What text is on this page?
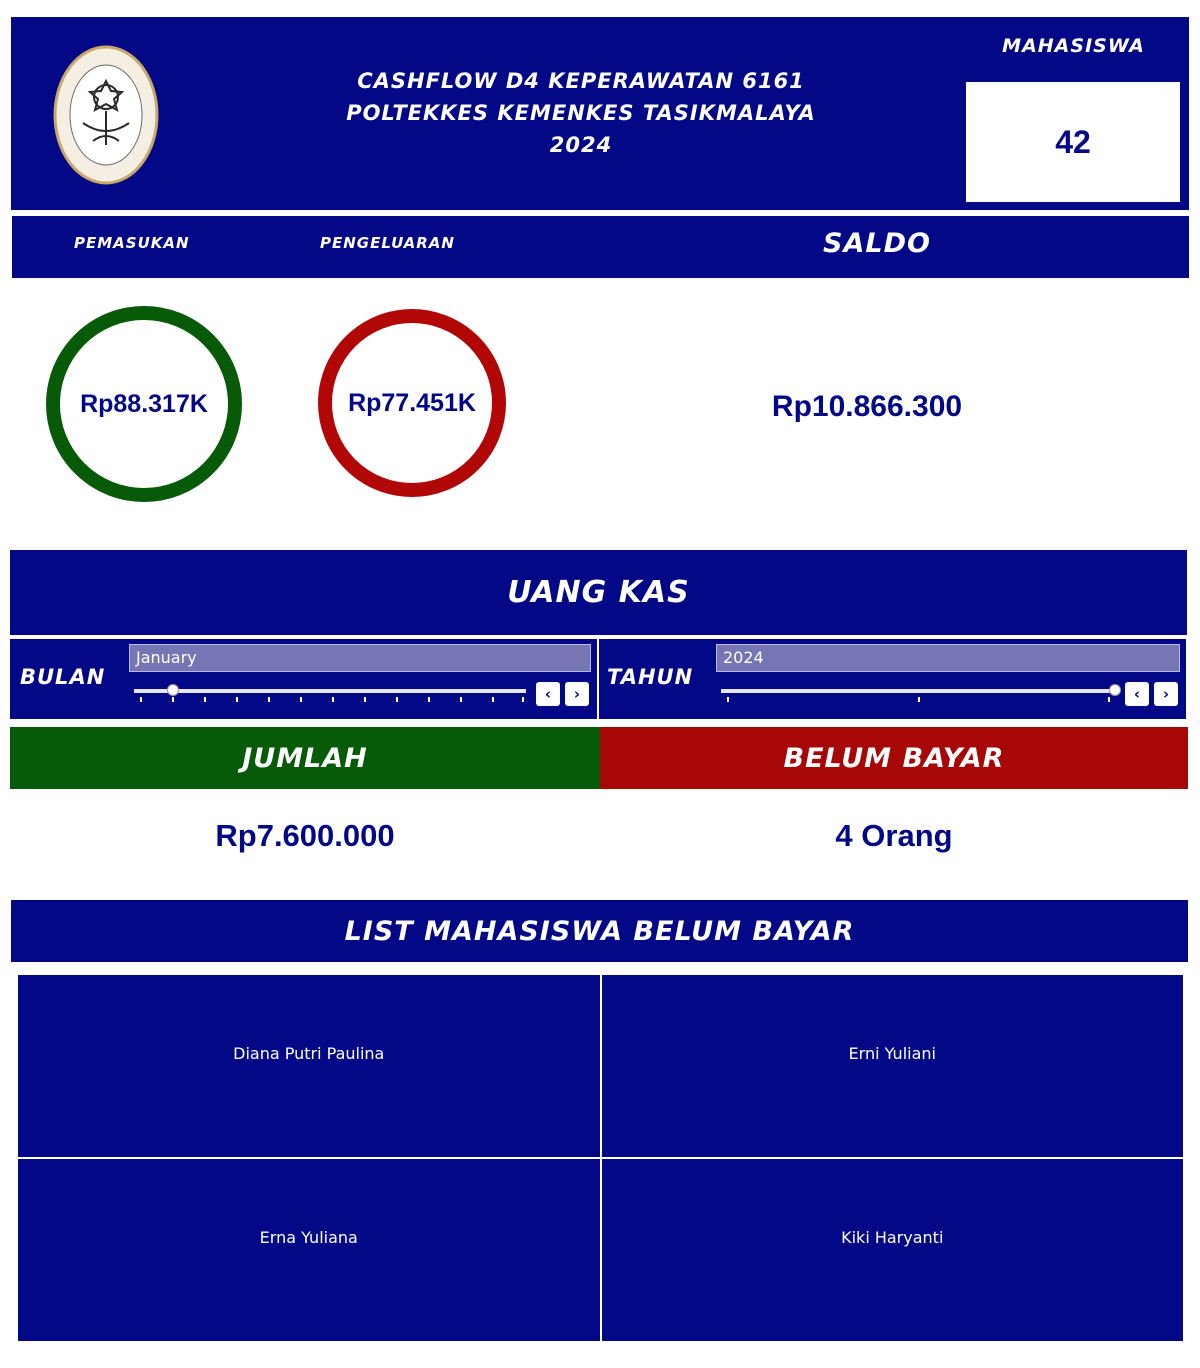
CASHFLOW D4 KEPERAWATAN 6161
POLTEKKES KEMENKES TASIKMALAYA
2024
MAHASISWA
42
PEMASUKAN	PENGELUARAN	SALDO
Rp88.317K	Rp77.451K	Rp10.866.300
UANG KAS
BULAN
January
‹ ›
TAHUN
2024
‹ ›
JUMLAH	BELUM BAYAR
Rp7.600.000	4 Orang
LIST MAHASISWA BELUM BAYAR
Diana Putri Paulina	Erni Yuliani
Erna Yuliana	Kiki Haryanti
